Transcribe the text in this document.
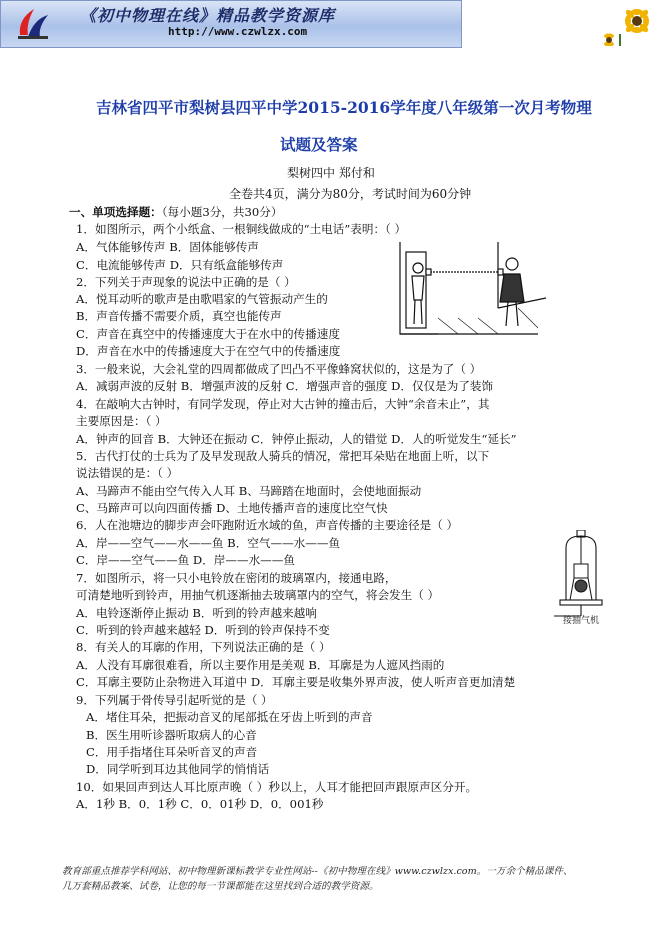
《初中物理在线》精品教学资源库
http://www.czwlzx.com
吉林省四平市梨树县四平中学2015-2016学年度八年级第一次月考物理
试题及答案
梨树四中 郑付和
全卷共4页，满分为80分，考试时间为60分钟
一、单项选择题：（每小题3分，共30分）
1．如图所示，两个小纸盒、一根铜线做成的“土电话”表明：（ ）
A．气体能够传声 B．固体能够传声
C．电流能够传声 D．只有纸盒能够传声
2．下列关于声现象的说法中正确的是（ ）
A．悦耳动听的歌声是由歌唱家的气管振动产生的
B．声音传播不需要介质，真空也能传声
C．声音在真空中的传播速度大于在水中的传播速度
D．声音在水中的传播速度大于在空气中的传播速度
3．一般来说，大会礼堂的四周都做成了凹凸不平像蜂窝状似的，这是为了（ ）
A．减弱声波的反射 B．增强声波的反射 C．增强声音的强度 D．仅仅是为了装饰
4．在敲响大古钟时，有同学发现，停止对大古钟的撞击后，大钟“余音未止”，其
主要原因是：（ ）
A．钟声的回音 B．大钟还在振动 C．钟停止振动，人的错觉 D．人的听觉发生“延长”
5．古代打仗的士兵为了及早发现敌人骑兵的情况，常把耳朵贴在地面上听，以下
说法错误的是：（ ）
A、马蹄声不能由空气传入人耳 B、马蹄踏在地面时，会使地面振动
C、马蹄声可以向四面传播 D、土地传播声音的速度比空气快
6．人在池塘边的脚步声会吓跑附近水域的鱼，声音传播的主要途径是（ ）
A．岸——空气——水——鱼 B．空气——水——鱼
C．岸——空气——鱼 D．岸——水——鱼
7．如图所示，将一只小电铃放在密闭的玻璃罩内，接通电路，
可清楚地听到铃声，用抽气机逐渐抽去玻璃罩内的空气，将会发生（ ）
A．电铃逐渐停止振动 B．听到的铃声越来越响
C．听到的铃声越来越轻 D．听到的铃声保持不变
8．有关人的耳廓的作用，下列说法正确的是（ ）
A．人没有耳廓很难看，所以主要作用是美观 B．耳廓是为人遮风挡雨的
C．耳廓主要防止杂物进入耳道中 D．耳廓主要是收集外界声波，使人听声音更加清楚
9．下列属于骨传导引起听觉的是（ ）
A．堵住耳朵，把振动音叉的尾部抵在牙齿上听到的声音
B．医生用听诊器听取病人的心音
C．用手指堵住耳朵听音叉的声音
D．同学听到耳边其他同学的悄悄话
10．如果回声到达人耳比原声晚（ ）秒以上，人耳才能把回声跟原声区分开。
A．1秒 B．0．1秒 C．0．01秒 D．0．001秒
接抽气机
教育部重点推荐学科网站、初中物理新课标教学专业性网站--《初中物理在线》www.czwlzx.com。一万余个精品课件、
几万套精品教案、试卷，让您的每一节课都能在这里找到合适的教学资源。
